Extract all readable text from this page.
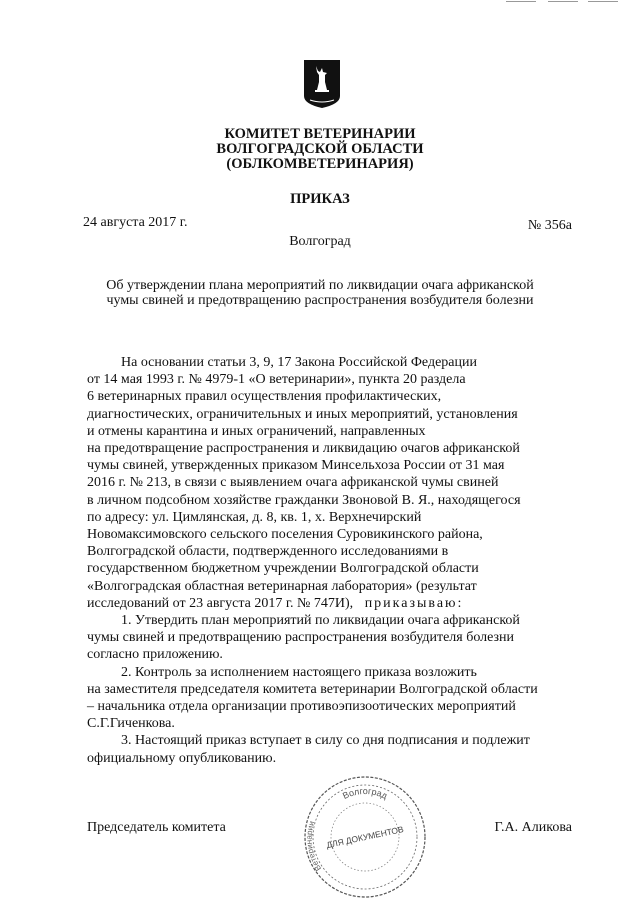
КОМИТЕТ ВЕТЕРИНАРИИ
ВОЛГОГРАДСКОЙ ОБЛАСТИ
(ОБЛКОМВЕТЕРИНАРИЯ)
ПРИКАЗ
24 августа 2017 г.	№ 356а
Волгоград
Об утверждении плана мероприятий по ликвидации очага африканской
чумы свиней и предотвращению распространения возбудителя болезни
На основании статьи 3, 9, 17 Закона Российской Федерации
от 14 мая 1993 г. № 4979-1 «О ветеринарии», пункта 20 раздела
6 ветеринарных правил осуществления профилактических,
диагностических, ограничительных и иных мероприятий, установления
и отмены карантина и иных ограничений, направленных
на предотвращение распространения и ликвидацию очагов африканской
чумы свиней, утвержденных приказом Минсельхоза России от 31 мая
2016 г. № 213, в связи с выявлением очага африканской чумы свиней
в личном подсобном хозяйстве гражданки Звоновой В. Я., находящегося
по адресу: ул. Цимлянская, д. 8, кв. 1, х. Верхнечирский
Новомаксимовского сельского поселения Суровикинского района,
Волгоградской области, подтвержденного исследованиями в
государственном бюджетном учреждении Волгоградской области
«Волгоградская областная ветеринарная лаборатория» (результат
исследований от 23 августа 2017 г. № 747И), приказываю:
1. Утвердить план мероприятий по ликвидации очага африканской
чумы свиней и предотвращению распространения возбудителя болезни
согласно приложению.
2. Контроль за исполнением настоящего приказа возложить
на заместителя председателя комитета ветеринарии Волгоградской области
– начальника отдела организации противоэпизоотических мероприятий
С.Г.Гиченкова.
3. Настоящий приказ вступает в силу со дня подписания и подлежит
официальному опубликованию.
Председатель комитета	Г.А. Аликова
Волгоград
Ветеринарии
ДЛЯ ДОКУМЕНТОВ
